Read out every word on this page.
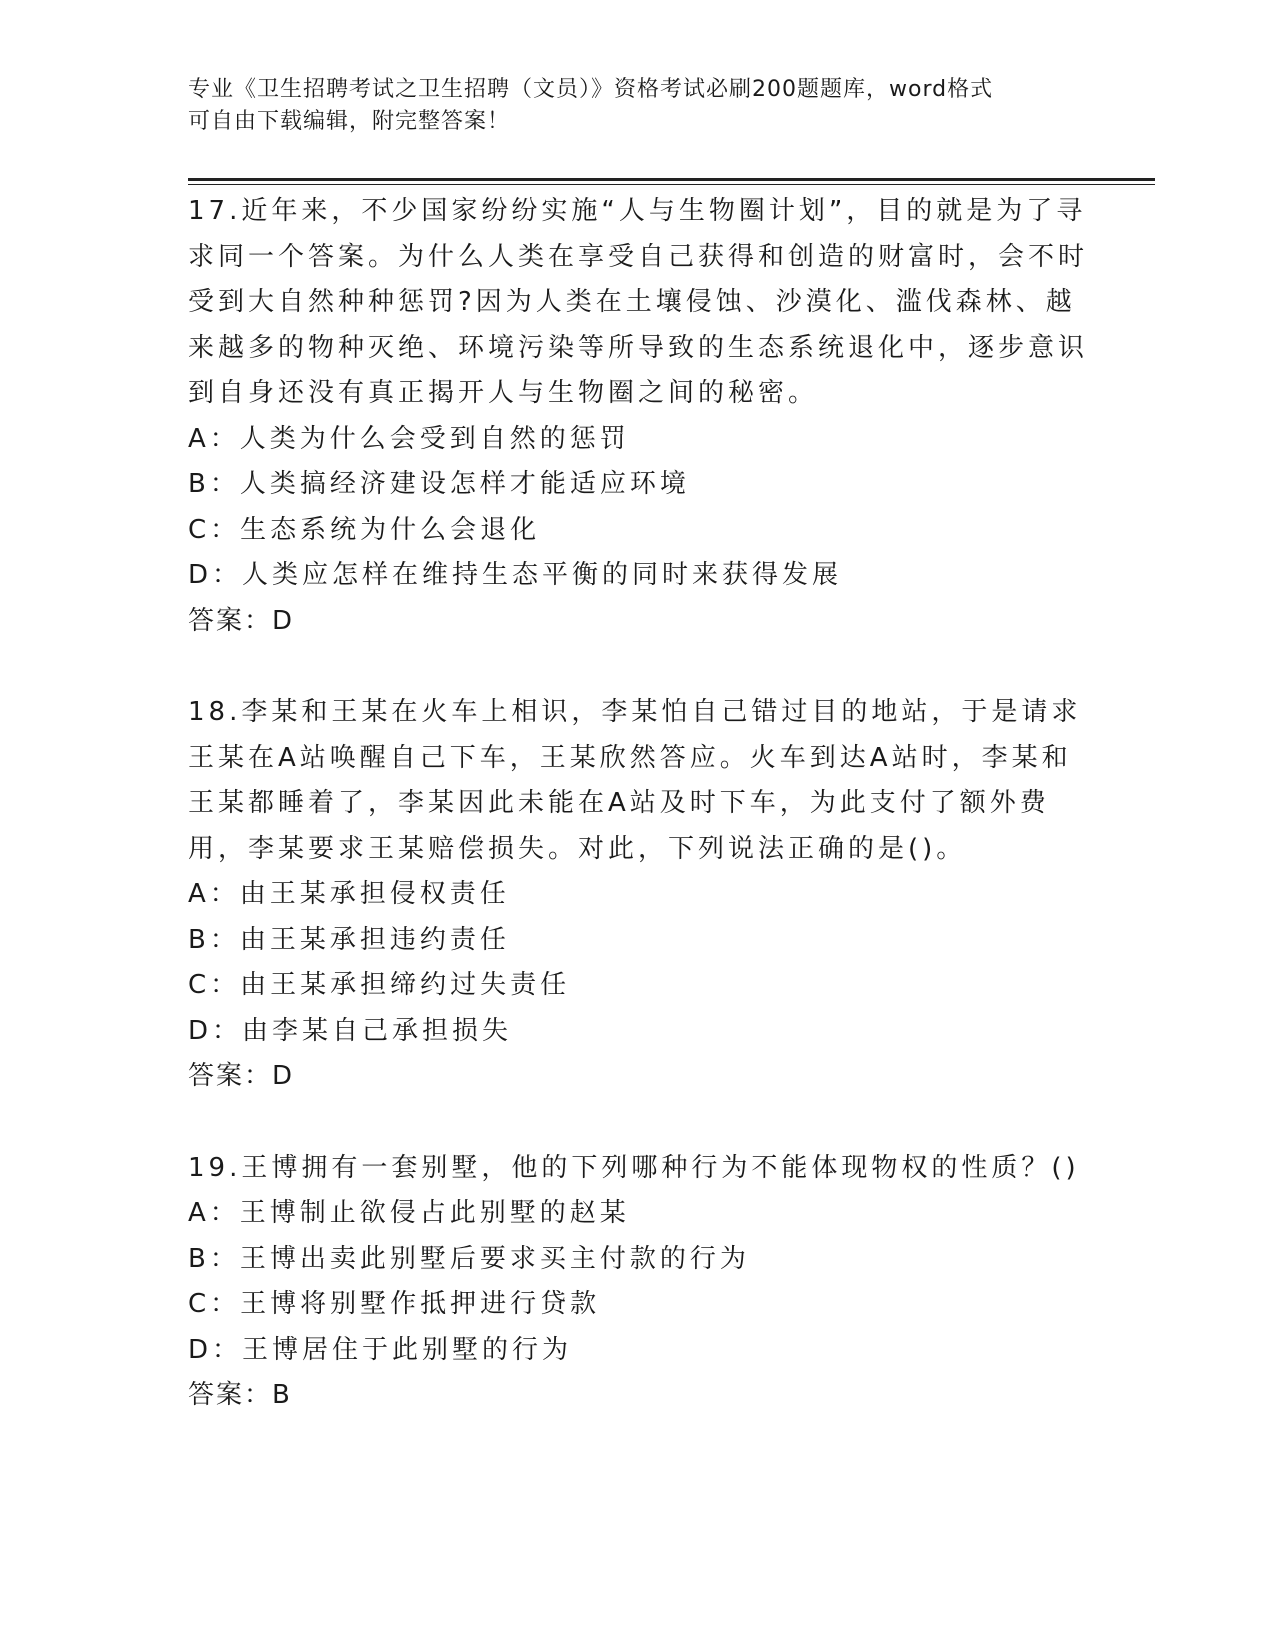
专业《卫生招聘考试之卫生招聘（文员）》资格考试必刷200题题库，word格式
可自由下载编辑，附完整答案！

17.近年来，不少国家纷纷实施“人与生物圈计划”，目的就是为了寻求同一个答案。为什么人类在享受自己获得和创造的财富时，会不时受到大自然种种惩罚?因为人类在土壤侵蚀、沙漠化、滥伐森林、越来越多的物种灭绝、环境污染等所导致的生态系统退化中，逐步意识到自身还没有真正揭开人与生物圈之间的秘密。

A：人类为什么会受到自然的惩罚

B：人类搞经济建设怎样才能适应环境

C：生态系统为什么会退化

D：人类应怎样在维持生态平衡的同时来获得发展

答案：D

18.李某和王某在火车上相识，李某怕自己错过目的地站，于是请求王某在A站唤醒自己下车，王某欣然答应。火车到达A站时，李某和王某都睡着了，李某因此未能在A站及时下车，为此支付了额外费用，李某要求王某赔偿损失。对此，下列说法正确的是()。

A：由王某承担侵权责任

B：由王某承担违约责任

C：由王某承担缔约过失责任

D：由李某自己承担损失

答案：D

19.王博拥有一套别墅，他的下列哪种行为不能体现物权的性质？()

A：王博制止欲侵占此别墅的赵某

B：王博出卖此别墅后要求买主付款的行为

C：王博将别墅作抵押进行贷款

D：王博居住于此别墅的行为

答案：B
